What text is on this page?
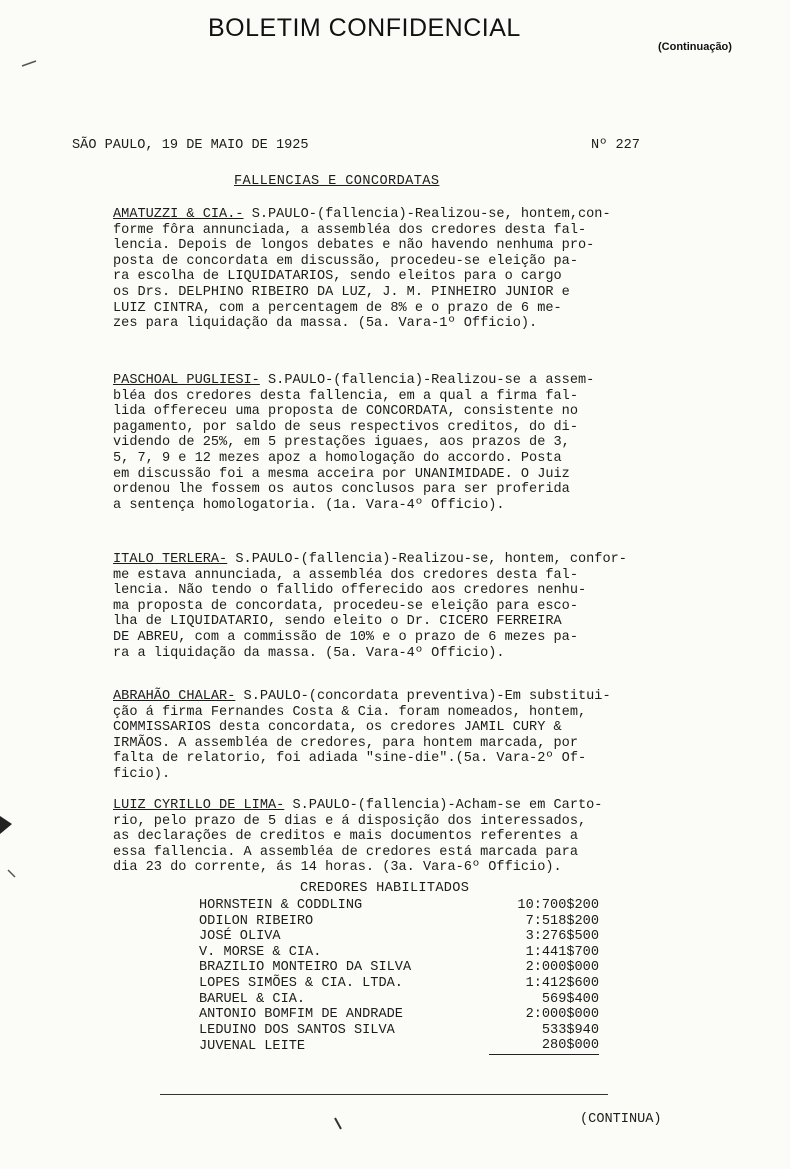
BOLETIM CONFIDENCIAL
(Continuação)
SÃO PAULO, 19 DE MAIO DE 1925	Nº 227
FALLENCIAS E CONCORDATAS

AMATUZZI & CIA.- S.PAULO-(fallencia)-Realizou-se, hontem,con-

forme fôra annunciada, a assembléa dos credores desta fal-
lencia. Depois de longos debates e não havendo nenhuma pro-
posta de concordata em discussão, procedeu-se eleição pa-
ra escolha de LIQUIDATARIOS, sendo eleitos para o cargo
os Drs. DELPHINO RIBEIRO DA LUZ, J. M. PINHEIRO JUNIOR e
LUIZ CINTRA, com a percentagem de 8% e o prazo de 6 me-
zes para liquidação da massa. (5a. Vara-1º Officio).

PASCHOAL PUGLIESI- S.PAULO-(fallencia)-Realizou-se a assem-

bléa dos credores desta fallencia, em a qual a firma fal-
lida offereceu uma proposta de CONCORDATA, consistente no
pagamento, por saldo de seus respectivos creditos, do di-
videndo de 25%, em 5 prestações iguaes, aos prazos de 3,
5, 7, 9 e 12 mezes apoz a homologação do accordo. Posta
em discussão foi a mesma acceira por UNANIMIDADE. O Juiz
ordenou lhe fossem os autos conclusos para ser proferida
a sentença homologatoria. (1a. Vara-4º Officio).

ITALO TERLERA- S.PAULO-(fallencia)-Realizou-se, hontem, confor-

me estava annunciada, a assembléa dos credores desta fal-
lencia. Não tendo o fallido offerecido aos credores nenhu-
ma proposta de concordata, procedeu-se eleição para esco-
lha de LIQUIDATARIO, sendo eleito o Dr. CICERO FERREIRA
DE ABREU, com a commissão de 10% e o prazo de 6 mezes pa-
ra a liquidação da massa. (5a. Vara-4º Officio).

ABRAHÃO CHALAR- S.PAULO-(concordata preventiva)-Em substitui-

ção á firma Fernandes Costa & Cia. foram nomeados, hontem,
COMMISSARIOS desta concordata, os credores JAMIL CURY &
IRMÃOS. A assembléa de credores, para hontem marcada, por
falta de relatorio, foi adiada "sine-die".(5a. Vara-2º Of-
ficio).

LUIZ CYRILLO DE LIMA- S.PAULO-(fallencia)-Acham-se em Carto-

rio, pelo prazo de 5 dias e á disposição dos interessados,
as declarações de creditos e mais documentos referentes a
essa fallencia. A assembléa de credores está marcada para
dia 23 do corrente, ás 14 horas. (3a. Vara-6º Officio).

CREDORES HABILITADOS
HORNSTEIN & CODDLING	10:700$200
ODILON RIBEIRO	7:518$200
JOSÉ OLIVA	3:276$500
V. MORSE & CIA.	1:441$700
BRAZILIO MONTEIRO DA SILVA	2:000$000
LOPES SIMÕES & CIA. LTDA.	1:412$600
BARUEL & CIA.	569$400
ANTONIO BOMFIM DE ANDRADE	2:000$000
LEDUINO DOS SANTOS SILVA	533$940
JUVENAL LEITE	280$000
(CONTINUA)
